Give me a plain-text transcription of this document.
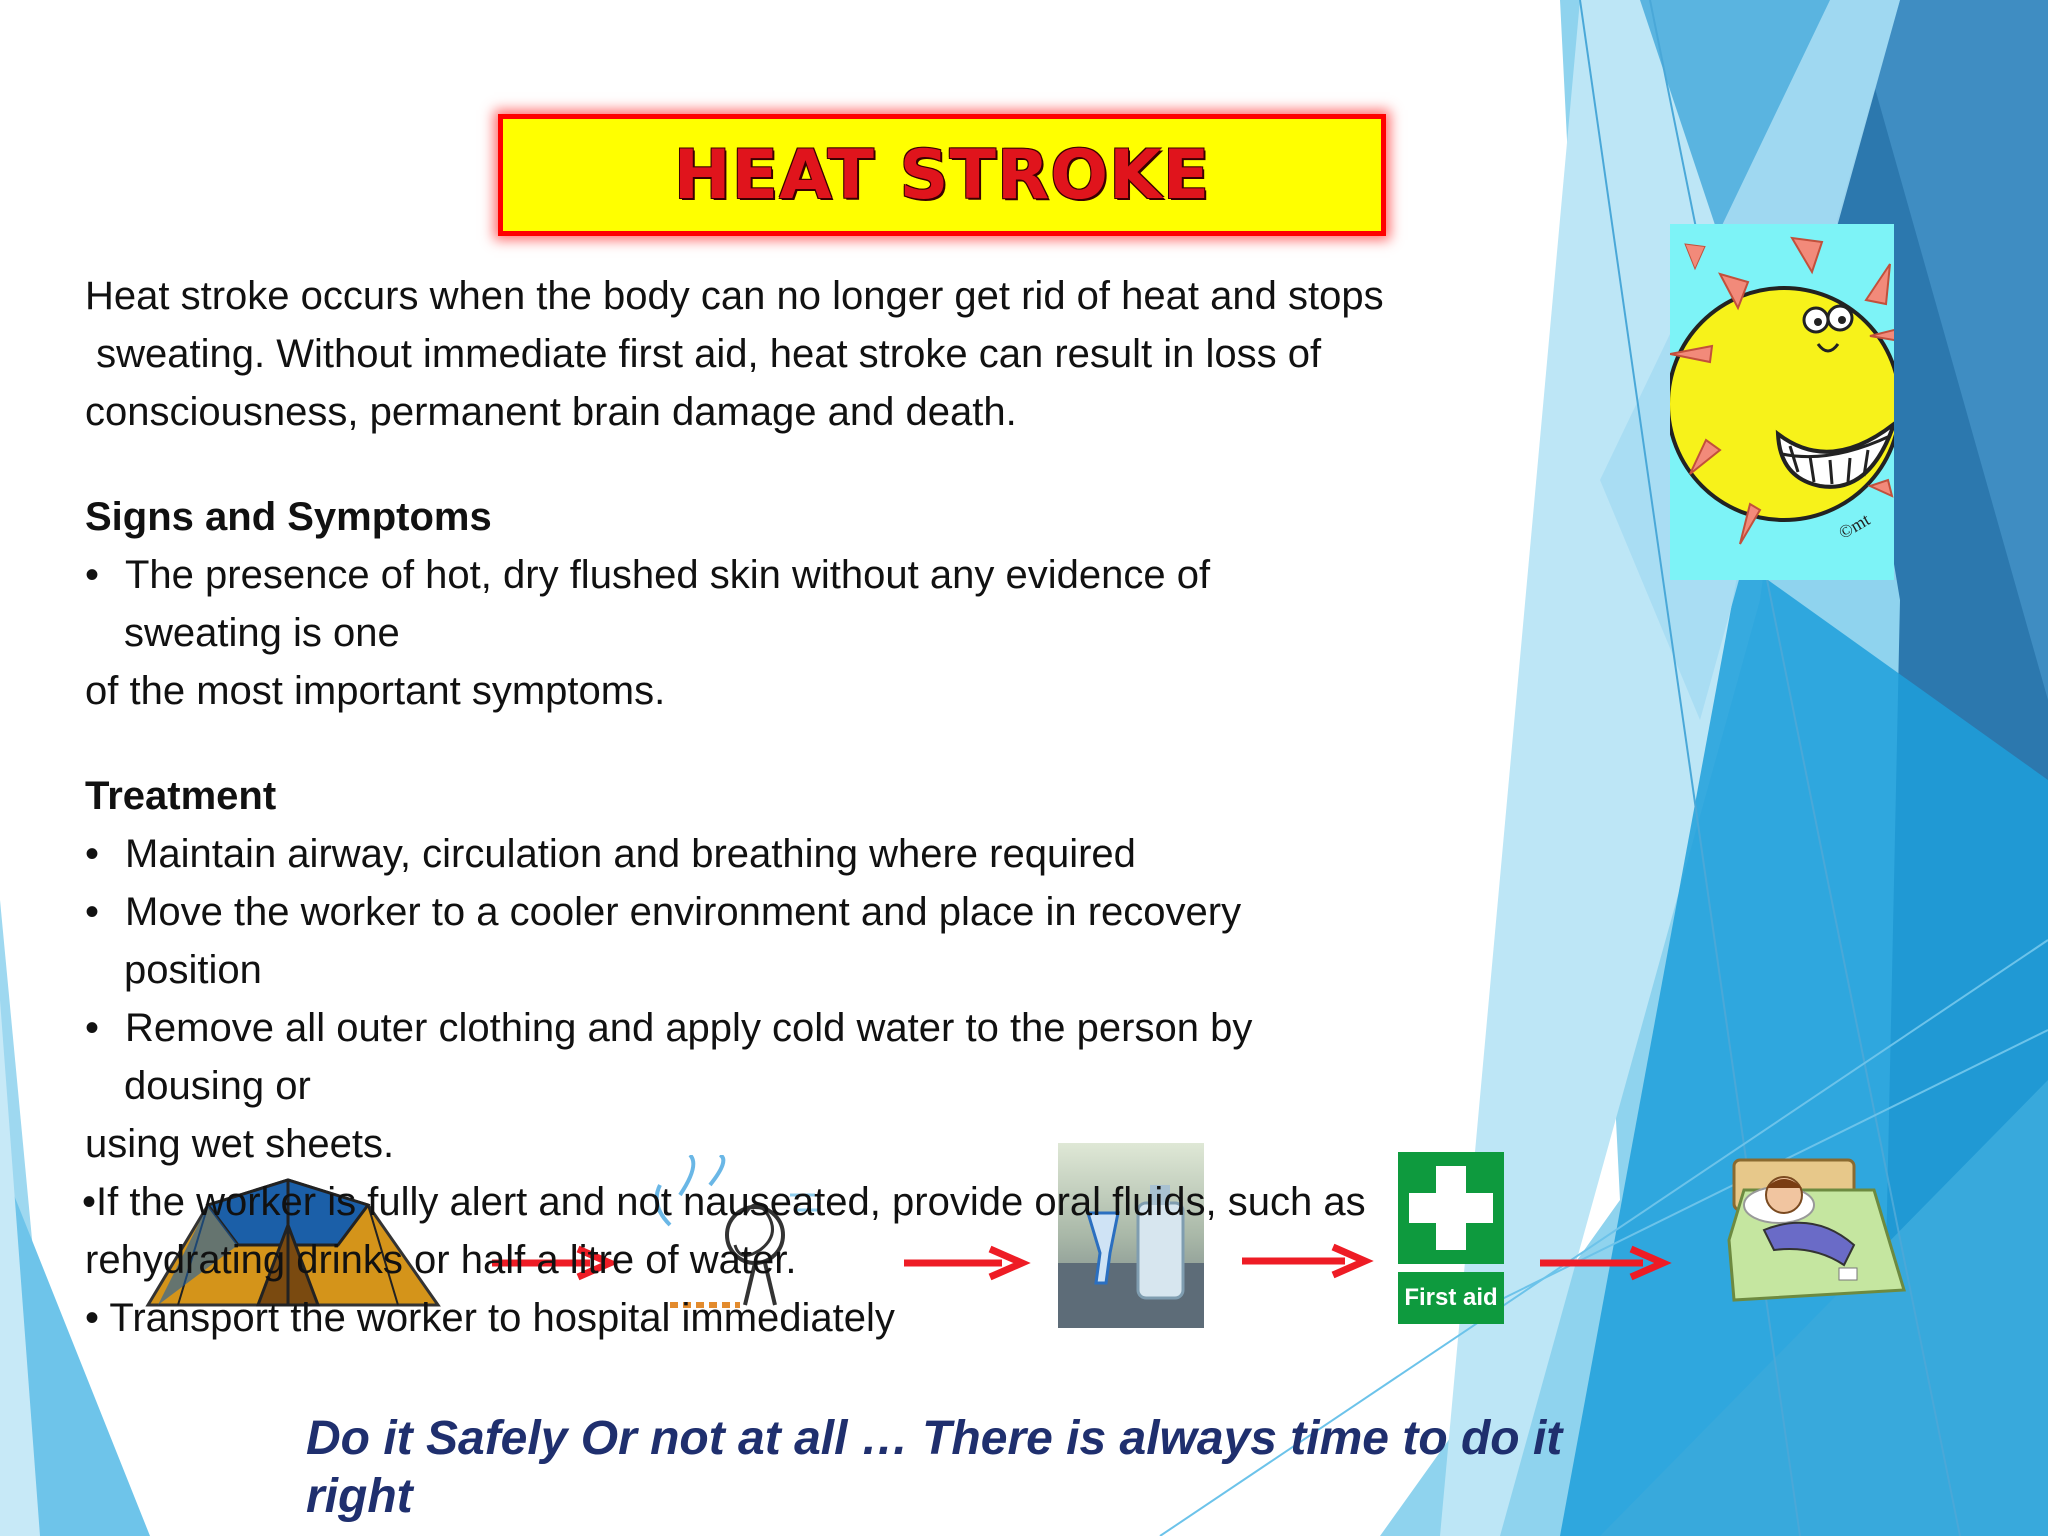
HEAT STROKE
Heat stroke occurs when the body can no longer get rid of heat and stops
sweating. Without immediate first aid, heat stroke can result in loss of
consciousness, permanent brain damage and death.
Signs and Symptoms
• The presence of hot, dry flushed skin without any evidence of
sweating is one
of the most important symptoms.
Treatment
• Maintain airway, circulation and breathing where required
• Move the worker to a cooler environment and place in recovery
position
• Remove all outer clothing and apply cold water to the person by
dousing or
using wet sheets.
First aid
•If the worker is fully alert and not nauseated, provide oral fluids, such as
rehydrating drinks or half a litre of water.
• Transport the worker to hospital immediately
©mt
Do it Safely Or not at all … There is always time to do it
right
